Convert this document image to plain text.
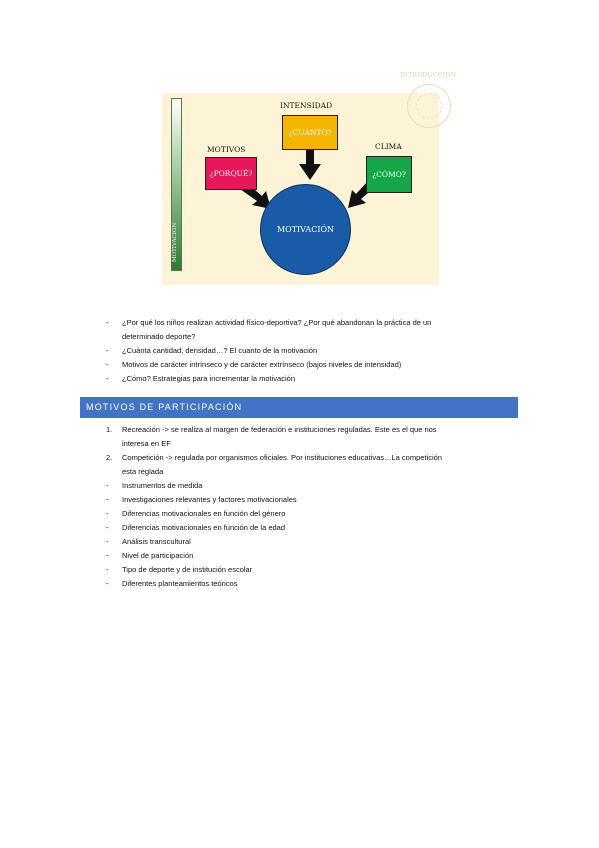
INTRODUCCIÓN
MOTIVACIÓN
INTENSIDAD
MOTIVOS	CLIMA
¿CUÁNTO?
¿PORQUÉ?	¿CÓMO?
MOTIVACIÓN
-	¿Por qué los niños realizan actividad físico-deportiva? ¿Por qué abandonan la práctica de un
determinado deporte?
-	¿Cuánta cantidad, densidad…? El cuanto de la motivación
-	Motivos de carácter intrínseco y de carácter extrínseco (bajos niveles de intensidad)
-	¿Cómo? Estrategias para incrementar la motivación
MOTIVOS DE PARTICIPACIÓN
1.	Recreación -> se realiza al margen de federación e instituciones reguladas. Este es el que nos
interesa en EF
2.	Competición -> regulada por organismos oficiales. Por instituciones educativas…La competición
esta reglada
-	Instrumentos de medida
-	Investigaciones relevantes y factores motivacionales
-	Diferencias motivacionales en función del género
-	Diferencias motivacionales en función de la edad
-	Análisis transcultural
-	Nivel de participación
-	Tipo de deporte y de institución escolar
-	Diferentes planteamientos teóricos
